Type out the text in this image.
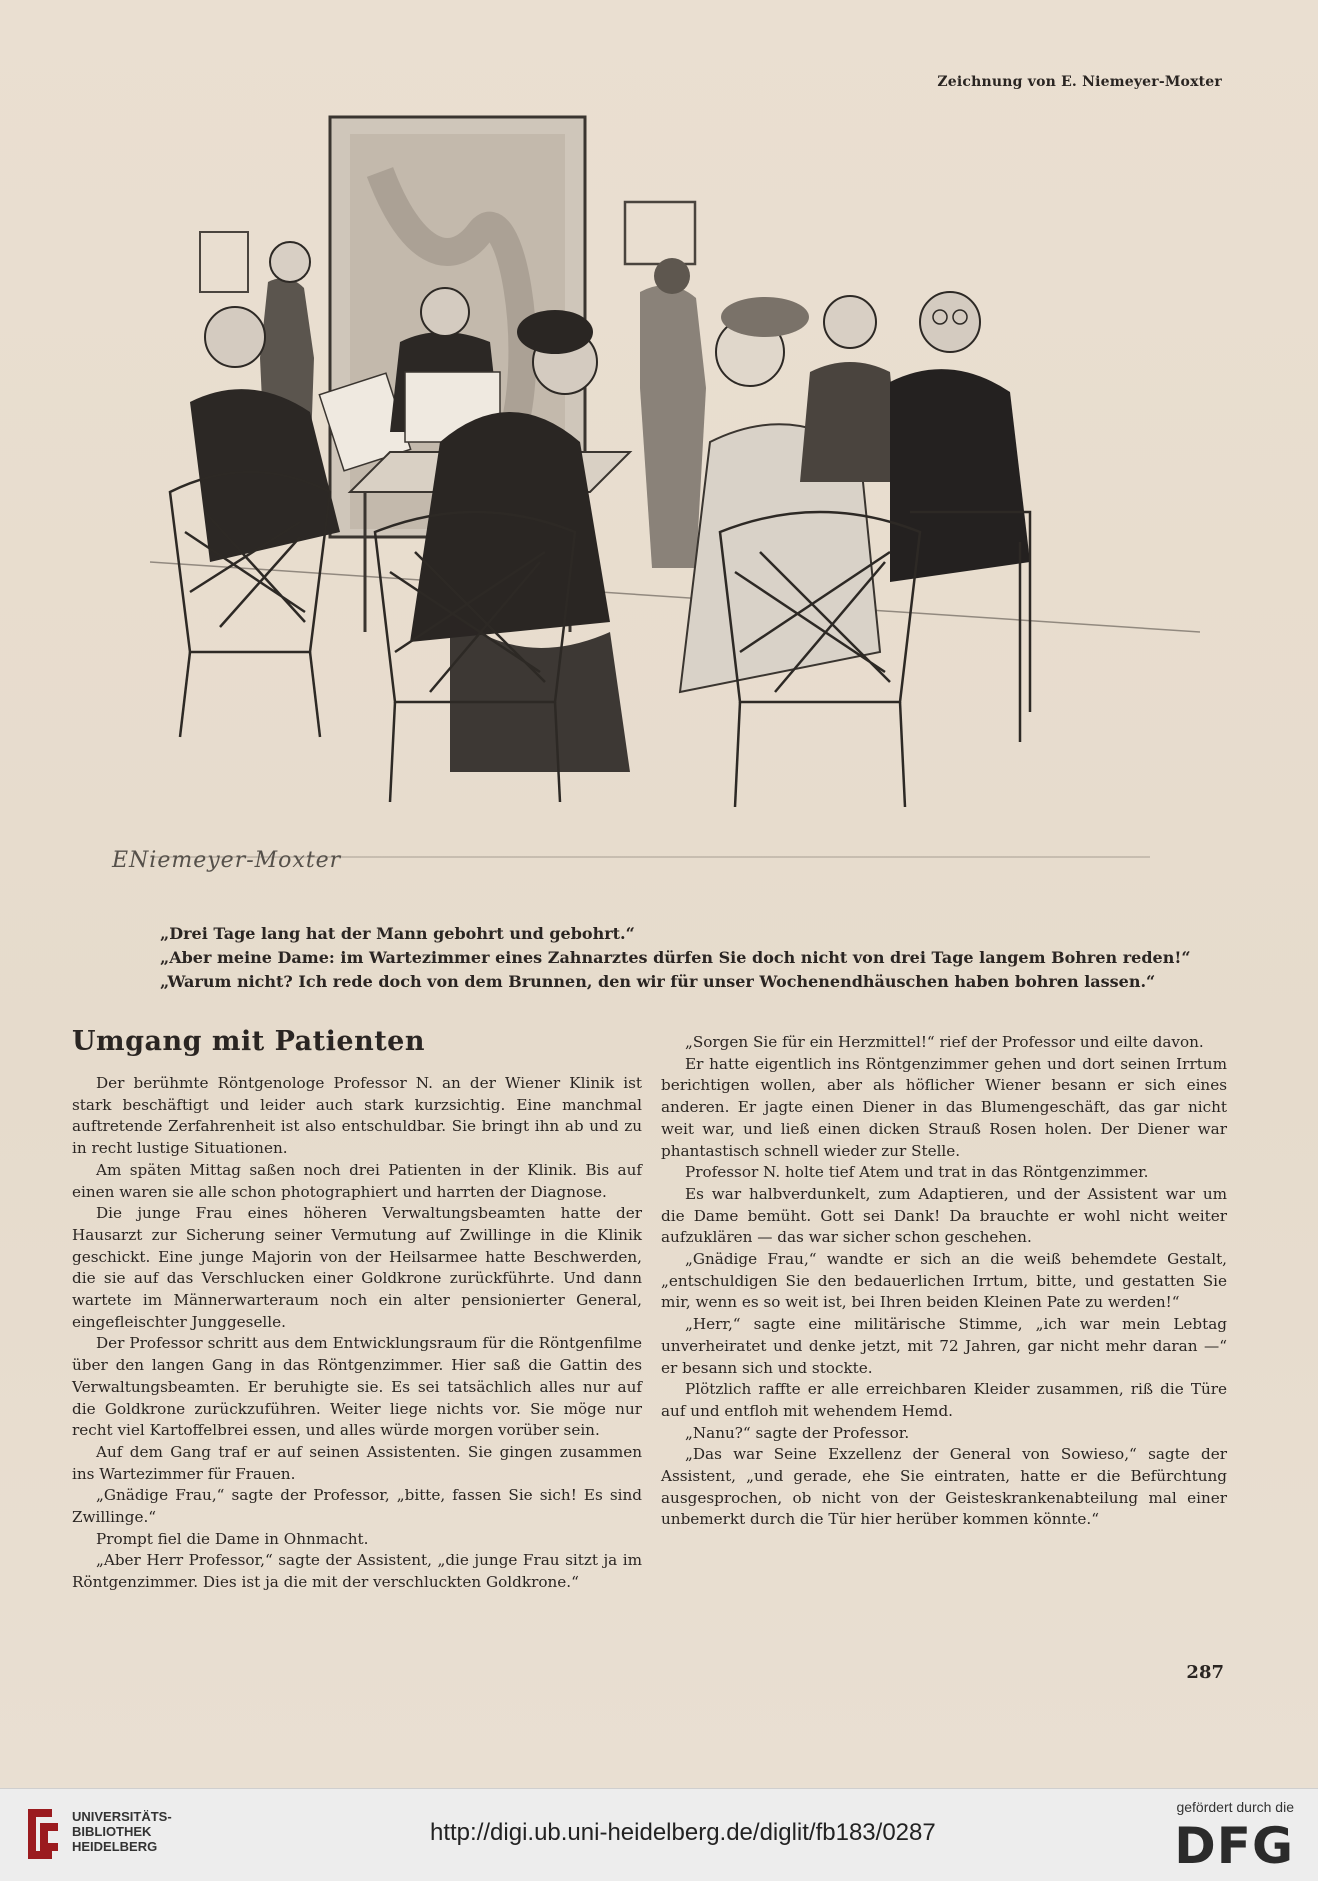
Zeichnung von E. Niemeyer-Moxter
ENiemeyer-Moxter
„Drei Tage lang hat der Mann gebohrt und gebohrt.“
„Aber meine Dame: im Wartezimmer eines Zahnarztes dürfen Sie doch nicht von drei Tage langem Bohren reden!“
„Warum nicht? Ich rede doch von dem Brunnen, den wir für unser Wochenendhäuschen haben bohren lassen.“
Umgang mit Patienten

Der berühmte Röntgenologe Professor N. an der Wiener Klinik ist stark beschäftigt und leider auch stark kurzsichtig. Eine manchmal auftretende Zerfahrenheit ist also entschuldbar. Sie bringt ihn ab und zu in recht lustige Situationen.

Am späten Mittag saßen noch drei Patienten in der Klinik. Bis auf einen waren sie alle schon photographiert und harrten der Diagnose.

Die junge Frau eines höheren Verwaltungsbeamten hatte der Hausarzt zur Sicherung seiner Vermutung auf Zwillinge in die Klinik geschickt. Eine junge Majorin von der Heilsarmee hatte Beschwerden, die sie auf das Verschlucken einer Goldkrone zurückführte. Und dann wartete im Männerwarteraum noch ein alter pensionierter General, eingefleischter Junggeselle.

Der Professor schritt aus dem Entwicklungsraum für die Röntgenfilme über den langen Gang in das Röntgenzimmer. Hier saß die Gattin des Verwaltungsbeamten. Er beruhigte sie. Es sei tatsächlich alles nur auf die Goldkrone zurückzuführen. Weiter liege nichts vor. Sie möge nur recht viel Kartoffelbrei essen, und alles würde morgen vorüber sein.

Auf dem Gang traf er auf seinen Assistenten. Sie gingen zusammen ins Wartezimmer für Frauen.

„Gnädige Frau,“ sagte der Professor, „bitte, fassen Sie sich! Es sind Zwillinge.“

Prompt fiel die Dame in Ohnmacht.

„Aber Herr Professor,“ sagte der Assistent, „die junge Frau sitzt ja im Röntgenzimmer. Dies ist ja die mit der verschluckten Goldkrone.“

„Sorgen Sie für ein Herzmittel!“ rief der Professor und eilte davon.

Er hatte eigentlich ins Röntgenzimmer gehen und dort seinen Irrtum berichtigen wollen, aber als höflicher Wiener besann er sich eines anderen. Er jagte einen Diener in das Blumengeschäft, das gar nicht weit war, und ließ einen dicken Strauß Rosen holen. Der Diener war phantastisch schnell wieder zur Stelle.

Professor N. holte tief Atem und trat in das Röntgenzimmer.

Es war halbverdunkelt, zum Adaptieren, und der Assistent war um die Dame bemüht. Gott sei Dank! Da brauchte er wohl nicht weiter aufzuklären — das war sicher schon geschehen.

„Gnädige Frau,“ wandte er sich an die weiß behemdete Gestalt, „entschuldigen Sie den bedauerlichen Irrtum, bitte, und gestatten Sie mir, wenn es so weit ist, bei Ihren beiden Kleinen Pate zu werden!“

„Herr,“ sagte eine militärische Stimme, „ich war mein Lebtag unverheiratet und denke jetzt, mit 72 Jahren, gar nicht mehr daran —“ er besann sich und stockte.

Plötzlich raffte er alle erreichbaren Kleider zusammen, riß die Türe auf und entfloh mit wehendem Hemd.

„Nanu?“ sagte der Professor.

„Das war Seine Exzellenz der General von Sowieso,“ sagte der Assistent, „und gerade, ehe Sie eintraten, hatte er die Befürchtung ausgesprochen, ob nicht von der Geisteskrankenabteilung mal einer unbemerkt durch die Tür hier herüber kommen könnte.“

287
UNIVERSITÄTS-
BIBLIOTHEK
HEIDELBERG
http://digi.ub.uni-heidelberg.de/diglit/fb183/0287
gefördert durch die
DFG
